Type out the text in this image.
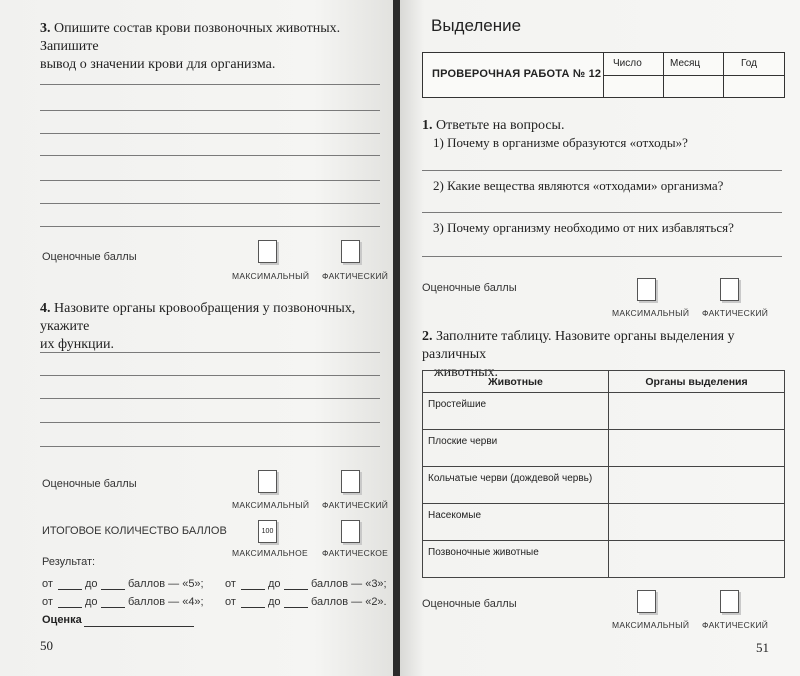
3. Опишите состав крови позвоночных животных. Запишите
вывод о значении крови для организма.
Оценочные баллы
МАКСИМАЛЬНЫЙ ФАКТИЧЕСКИЙ
4. Назовите органы кровообращения у позвоночных, укажите
их функции.
Оценочные баллы
МАКСИМАЛЬНЫЙ ФАКТИЧЕСКИЙ
ИТОГОВОЕ КОЛИЧЕСТВО БАЛЛОВ	100
МАКСИМАЛЬНОЕ ФАКТИЧЕСКОЕ
Результат:
от	до	баллов — «5»; от	до	баллов — «3»;
от	до	баллов — «4»; от	до	баллов — «2».
Оценка
50
Выделение
ПРОВЕРОЧНАЯ РАБОТА № 12
Число	Месяц	Год
1. Ответьте на вопросы.
1) Почему в организме образуются «отходы»?
2) Какие вещества являются «отходами» организма?
3) Почему организму необходимо от них избавляться?
Оценочные баллы
МАКСИМАЛЬНЫЙ ФАКТИЧЕСКИЙ
2. Заполните таблицу. Назовите органы выделения у различных
животных.
Животные	Органы выделения
Простейшие	
Плоские черви	
Кольчатые черви (дождевой червь)	
Насекомые	
Позвоночные животные	
Оценочные баллы
МАКСИМАЛЬНЫЙ ФАКТИЧЕСКИЙ
51
